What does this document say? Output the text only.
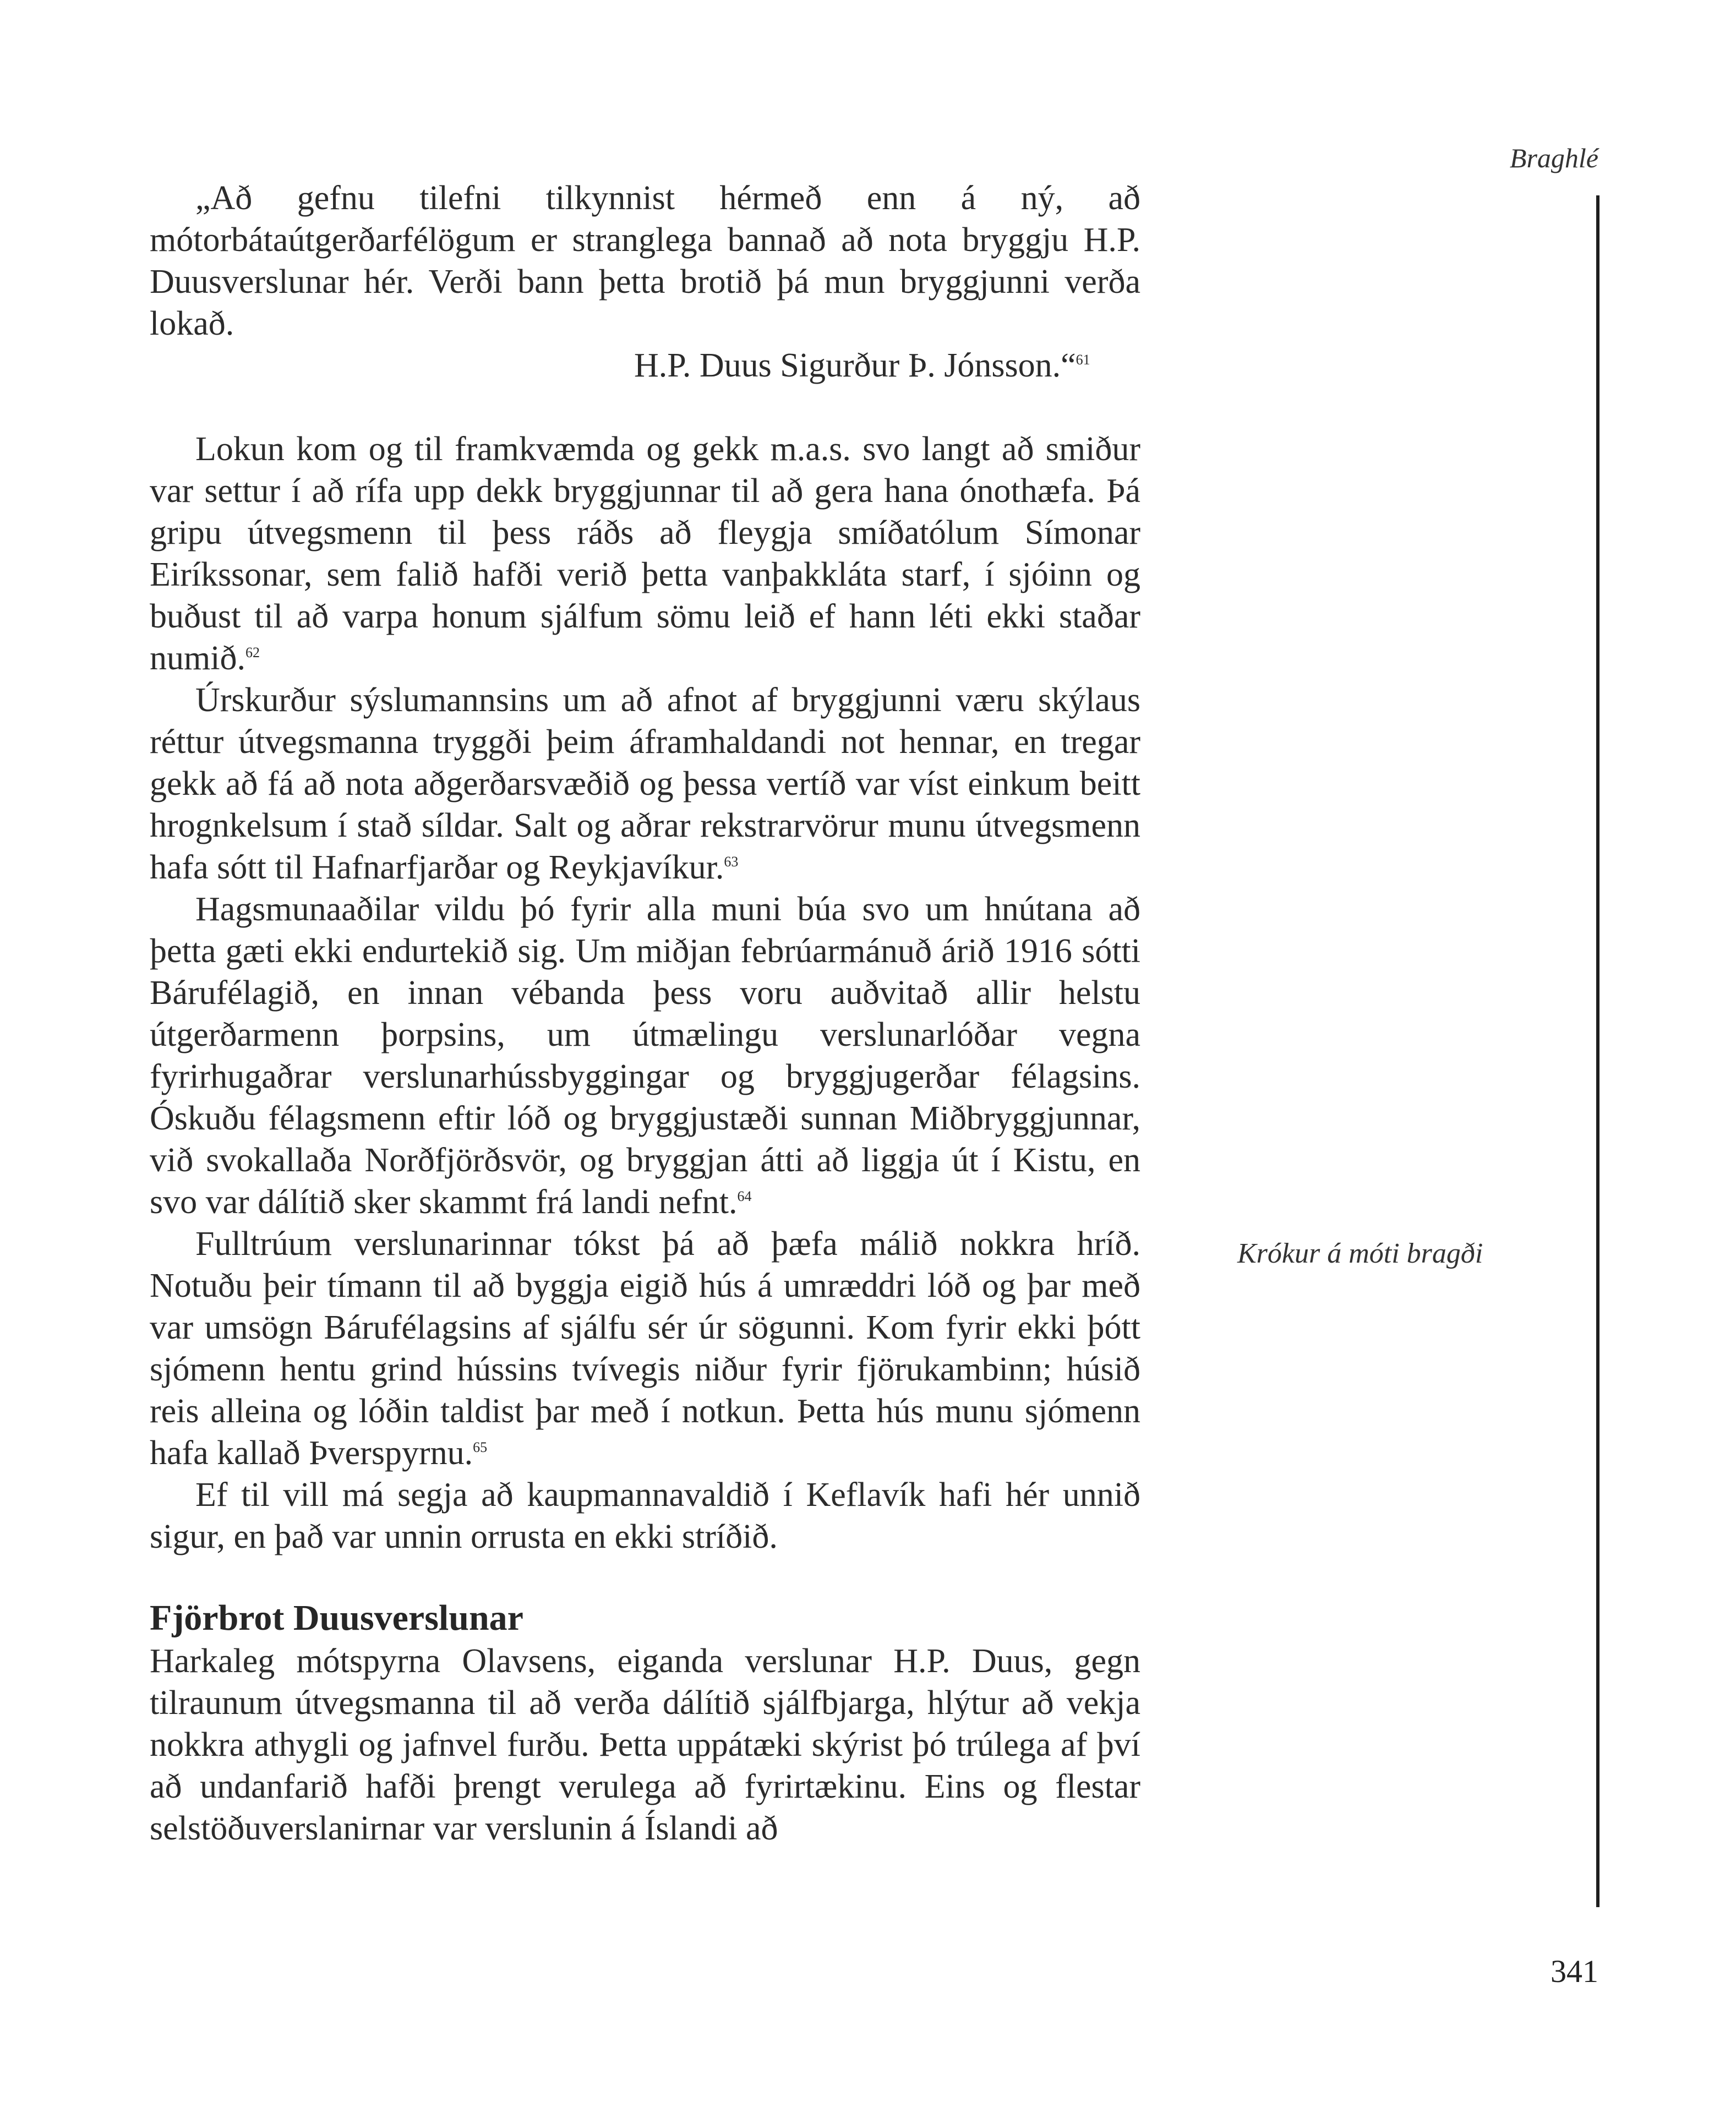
Braghlé
Krókur á móti bragði
341

„Að gefnu tilefni tilkynnist hérmeð enn á ný, að mótorbátaútgerðarfélögum er stranglega bannað að nota bryggju H.P. Duusverslunar hér. Verði bann þetta brotið þá mun bryggjunni verða lokað.

H.P. Duus Sigurður Þ. Jónsson.“$^{61}$

Lokun kom og til framkvæmda og gekk m.a.s. svo langt að smiður var settur í að rífa upp dekk bryggjunnar til að gera hana ónothæfa. Þá gripu útvegsmenn til þess ráðs að fleygja smíðatólum Símonar Eiríkssonar, sem falið hafði verið þetta vanþakkláta starf, í sjóinn og buðust til að varpa honum sjálfum sömu leið ef hann léti ekki staðar numið.$^{62}$

Úrskurður sýslumannsins um að afnot af bryggjunni væru skýlaus réttur útvegsmanna tryggði þeim áframhaldandi not hennar, en tregar gekk að fá að nota aðgerðarsvæðið og þessa vertíð var víst einkum beitt hrognkelsum í stað síldar. Salt og aðrar rekstrarvörur munu útvegsmenn hafa sótt til Hafnarfjarðar og Reykjavíkur.$^{63}$

Hagsmunaaðilar vildu þó fyrir alla muni búa svo um hnútana að þetta gæti ekki endurtekið sig. Um miðjan febrúarmánuð árið 1916 sótti Bárufélagið, en innan vébanda þess voru auðvitað allir helstu útgerðarmenn þorpsins, um útmælingu verslunarlóðar vegna fyrirhugaðrar verslunarhússbyggingar og bryggjugerðar félagsins. Óskuðu félagsmenn eftir lóð og bryggjustæði sunnan Miðbryggjunnar, við svokallaða Norðfjörðsvör, og bryggjan átti að liggja út í Kistu, en svo var dálítið sker skammt frá landi nefnt.$^{64}$

Fulltrúum verslunarinnar tókst þá að þæfa málið nokkra hríð. Notuðu þeir tímann til að byggja eigið hús á umræddri lóð og þar með var umsögn Bárufélagsins af sjálfu sér úr sögunni. Kom fyrir ekki þótt sjómenn hentu grind hússins tvívegis niður fyrir fjörukambinn; húsið reis alleina og lóðin taldist þar með í notkun. Þetta hús munu sjómenn hafa kallað Þverspyrnu.$^{65}$

Ef til vill má segja að kaupmannavaldið í Keflavík hafi hér unnið sigur, en það var unnin orrusta en ekki stríðið.

Fjörbrot Duusverslunar

Harkaleg mótspyrna Olavsens, eiganda verslunar H.P. Duus, gegn tilraunum útvegsmanna til að verða dálítið sjálfbjarga, hlýtur að vekja nokkra athygli og jafnvel furðu. Þetta uppátæki skýrist þó trúlega af því að undanfarið hafði þrengt verulega að fyrirtækinu. Eins og flestar selstöðuverslanirnar var verslunin á Íslandi að
